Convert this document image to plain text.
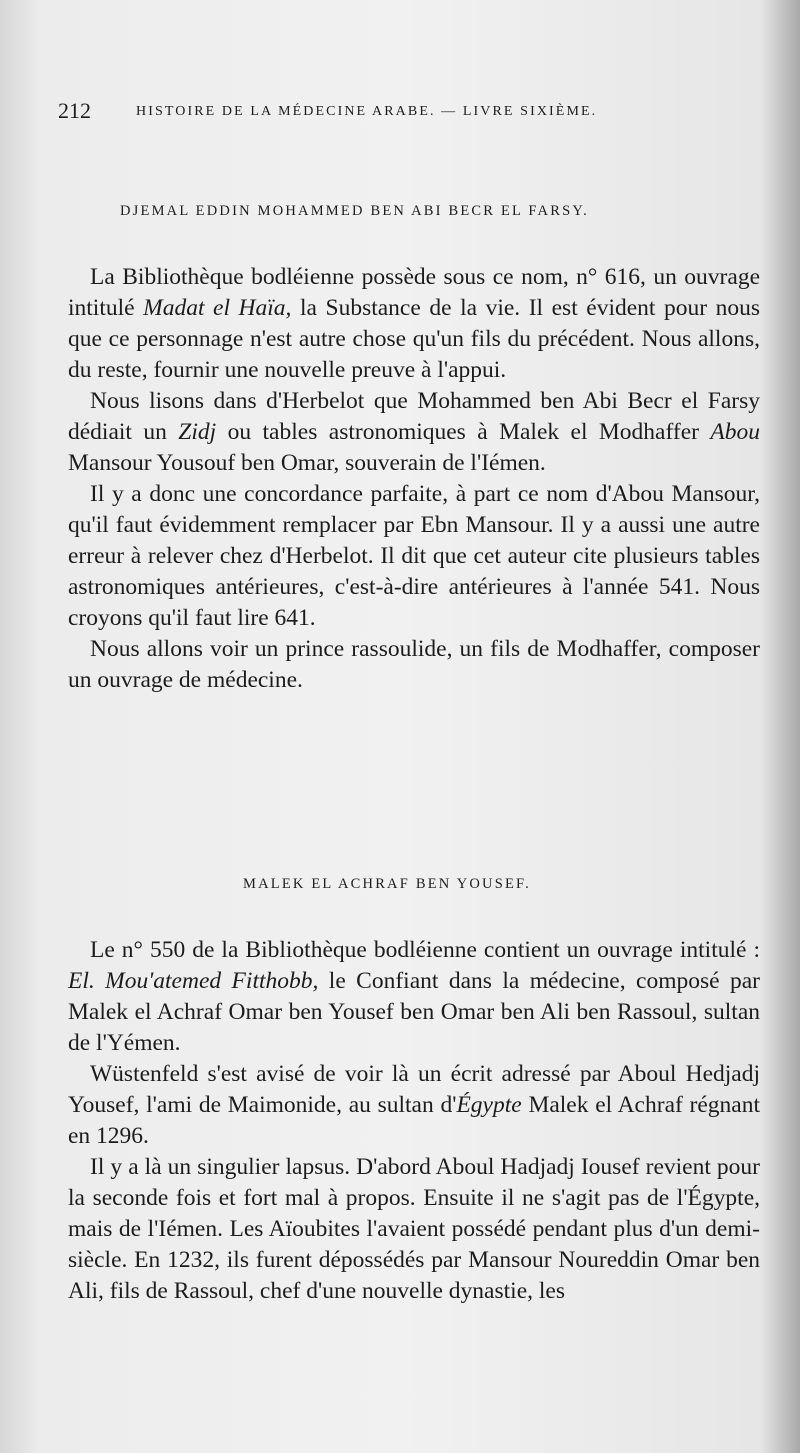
212	HISTOIRE DE LA MÉDECINE ARABE. — LIVRE SIXIÈME.
DJEMAL EDDIN MOHAMMED BEN ABI BECR EL FARSY.

La Bibliothèque bodléienne possède sous ce nom, n° 616, un ouvrage intitulé Madat el Haïa, la Substance de la vie. Il est évident pour nous que ce personnage n'est autre chose qu'un fils du précédent. Nous allons, du reste, fournir une nouvelle preuve à l'appui.

Nous lisons dans d'Herbelot que Mohammed ben Abi Becr el Farsy dédiait un Zidj ou tables astronomiques à Malek el Modhaffer Abou Mansour Yousouf ben Omar, souverain de l'Iémen.

Il y a donc une concordance parfaite, à part ce nom d'Abou Mansour, qu'il faut évidemment remplacer par Ebn Mansour. Il y a aussi une autre erreur à relever chez d'Herbelot. Il dit que cet auteur cite plusieurs tables astronomiques antérieures, c'est-à-dire antérieures à l'année 541. Nous croyons qu'il faut lire 641.

Nous allons voir un prince rassoulide, un fils de Modhaffer, composer un ouvrage de médecine.

MALEK EL ACHRAF BEN YOUSEF.

Le n° 550 de la Bibliothèque bodléienne contient un ouvrage intitulé : El. Mou'atemed Fitthobb, le Confiant dans la médecine, composé par Malek el Achraf Omar ben Yousef ben Omar ben Ali ben Rassoul, sultan de l'Yémen.

Wüstenfeld s'est avisé de voir là un écrit adressé par Aboul Hedjadj Yousef, l'ami de Maimonide, au sultan d'Égypte Malek el Achraf régnant en 1296.

Il y a là un singulier lapsus. D'abord Aboul Hadjadj Iousef revient pour la seconde fois et fort mal à propos. Ensuite il ne s'agit pas de l'Égypte, mais de l'Iémen. Les Aïoubites l'avaient possédé pendant plus d'un demi-siècle. En 1232, ils furent dépossédés par Mansour Noureddin Omar ben Ali, fils de Rassoul, chef d'une nouvelle dynastie, les
